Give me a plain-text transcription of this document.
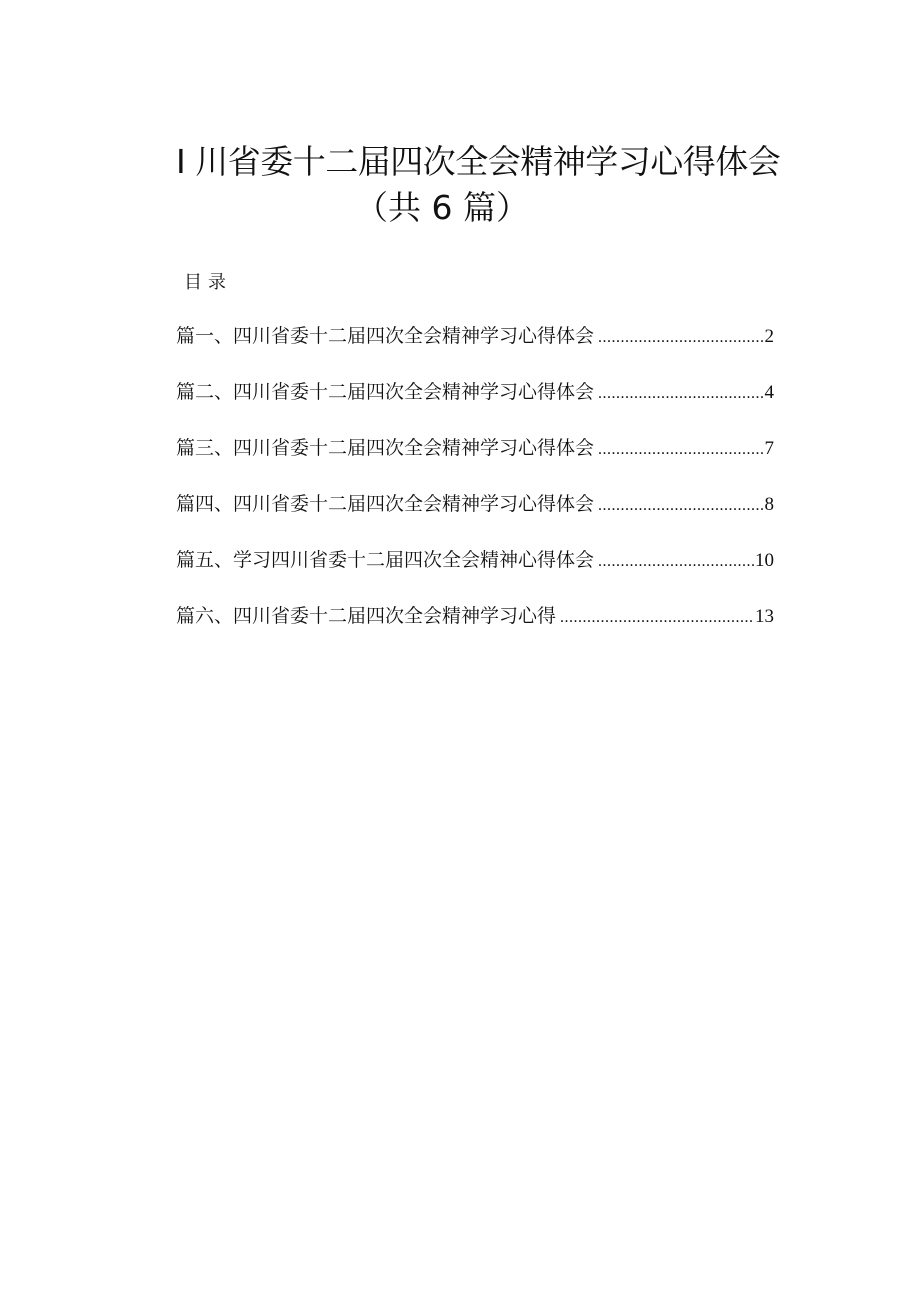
I 川省委十二届四次全会精神学习心得体会
（共 6 篇）
目录
篇一、四川省委十二届四次全会精神学习心得体会 .....	2
篇二、四川省委十二届四次全会精神学习心得体会 .....	4
篇三、四川省委十二届四次全会精神学习心得体会 .....	7
篇四、四川省委十二届四次全会精神学习心得体会 .....	8
篇五、学习四川省委十二届四次全会精神心得体会 .....	10
篇六、四川省委十二届四次全会精神学习心得 .....	13
